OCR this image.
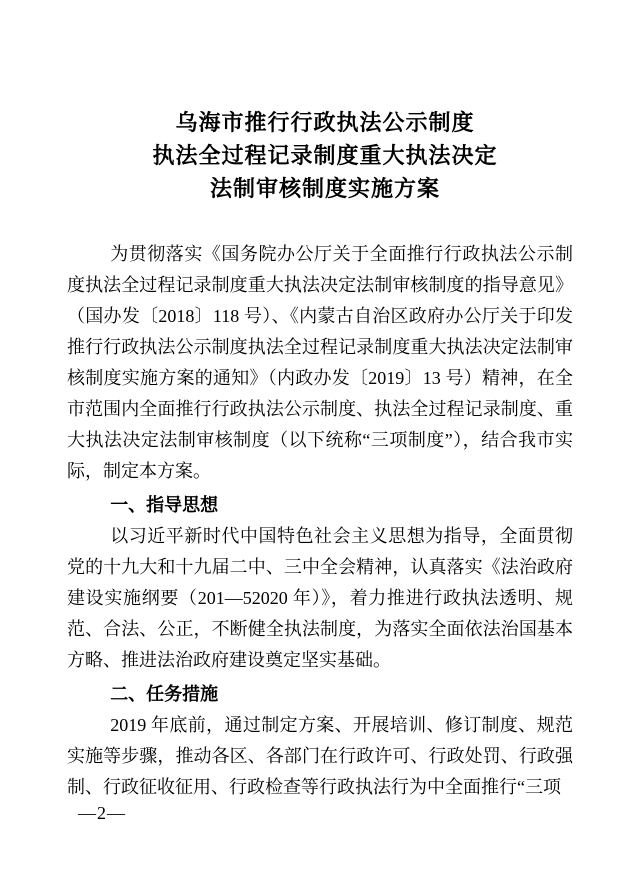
乌海市推行行政执法公示制度
执法全过程记录制度重大执法决定
法制审核制度实施方案

为贯彻落实《国务院办公厅关于全面推行行政执法公示制度执法全过程记录制度重大执法决定法制审核制度的指导意见》（国办发〔2018〕118 号）、《内蒙古自治区政府办公厅关于印发推行行政执法公示制度执法全过程记录制度重大执法决定法制审核制度实施方案的通知》（内政办发〔2019〕13 号）精神，在全市范围内全面推行行政执法公示制度、执法全过程记录制度、重大执法决定法制审核制度（以下统称“三项制度”），结合我市实际，制定本方案。

一、指导思想

以习近平新时代中国特色社会主义思想为指导，全面贯彻党的十九大和十九届二中、三中全会精神，认真落实《法治政府建设实施纲要（201—52020 年）》，着力推进行政执法透明、规范、合法、公正，不断健全执法制度，为落实全面依法治国基本方略、推进法治政府建设奠定坚实基础。

二、任务措施

2019 年底前，通过制定方案、开展培训、修订制度、规范实施等步骤，推动各区、各部门在行政许可、行政处罚、行政强制、行政征收征用、行政检查等行政执法行为中全面推行“三项

—2—
